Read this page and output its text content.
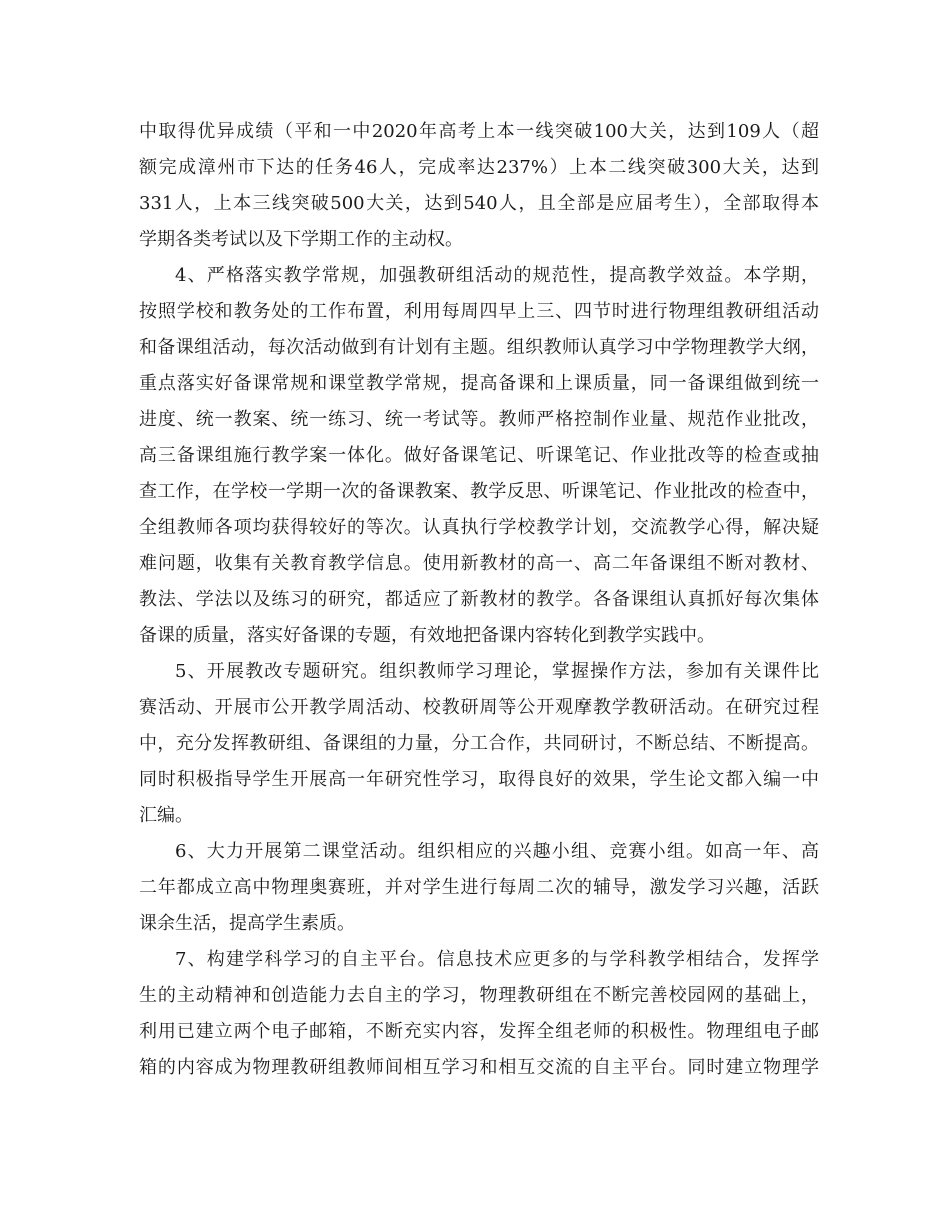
中取得优异成绩（平和一中2020年高考上本一线突破100大关，达到109人（超
额完成漳州市下达的任务46人，完成率达237%）上本二线突破300大关，达到
331人，上本三线突破500大关，达到540人，且全部是应届考生），全部取得本
学期各类考试以及下学期工作的主动权。
4、严格落实教学常规，加强教研组活动的规范性，提高教学效益。本学期，
按照学校和教务处的工作布置，利用每周四早上三、四节时进行物理组教研组活动
和备课组活动，每次活动做到有计划有主题。组织教师认真学习中学物理教学大纲，
重点落实好备课常规和课堂教学常规，提高备课和上课质量，同一备课组做到统一
进度、统一教案、统一练习、统一考试等。教师严格控制作业量、规范作业批改，
高三备课组施行教学案一体化。做好备课笔记、听课笔记、作业批改等的检查或抽
查工作，在学校一学期一次的备课教案、教学反思、听课笔记、作业批改的检查中，
全组教师各项均获得较好的等次。认真执行学校教学计划，交流教学心得，解决疑
难问题，收集有关教育教学信息。使用新教材的高一、高二年备课组不断对教材、
教法、学法以及练习的研究，都适应了新教材的教学。各备课组认真抓好每次集体
备课的质量，落实好备课的专题，有效地把备课内容转化到教学实践中。
5、开展教改专题研究。组织教师学习理论，掌握操作方法，参加有关课件比
赛活动、开展市公开教学周活动、校教研周等公开观摩教学教研活动。在研究过程
中，充分发挥教研组、备课组的力量，分工合作，共同研讨，不断总结、不断提高。
同时积极指导学生开展高一年研究性学习，取得良好的效果，学生论文都入编一中
汇编。
6、大力开展第二课堂活动。组织相应的兴趣小组、竞赛小组。如高一年、高
二年都成立高中物理奥赛班，并对学生进行每周二次的辅导，激发学习兴趣，活跃
课余生活，提高学生素质。
7、构建学科学习的自主平台。信息技术应更多的与学科教学相结合，发挥学
生的主动精神和创造能力去自主的学习，物理教研组在不断完善校园网的基础上，
利用已建立两个电子邮箱，不断充实内容，发挥全组老师的积极性。物理组电子邮
箱的内容成为物理教研组教师间相互学习和相互交流的自主平台。同时建立物理学
